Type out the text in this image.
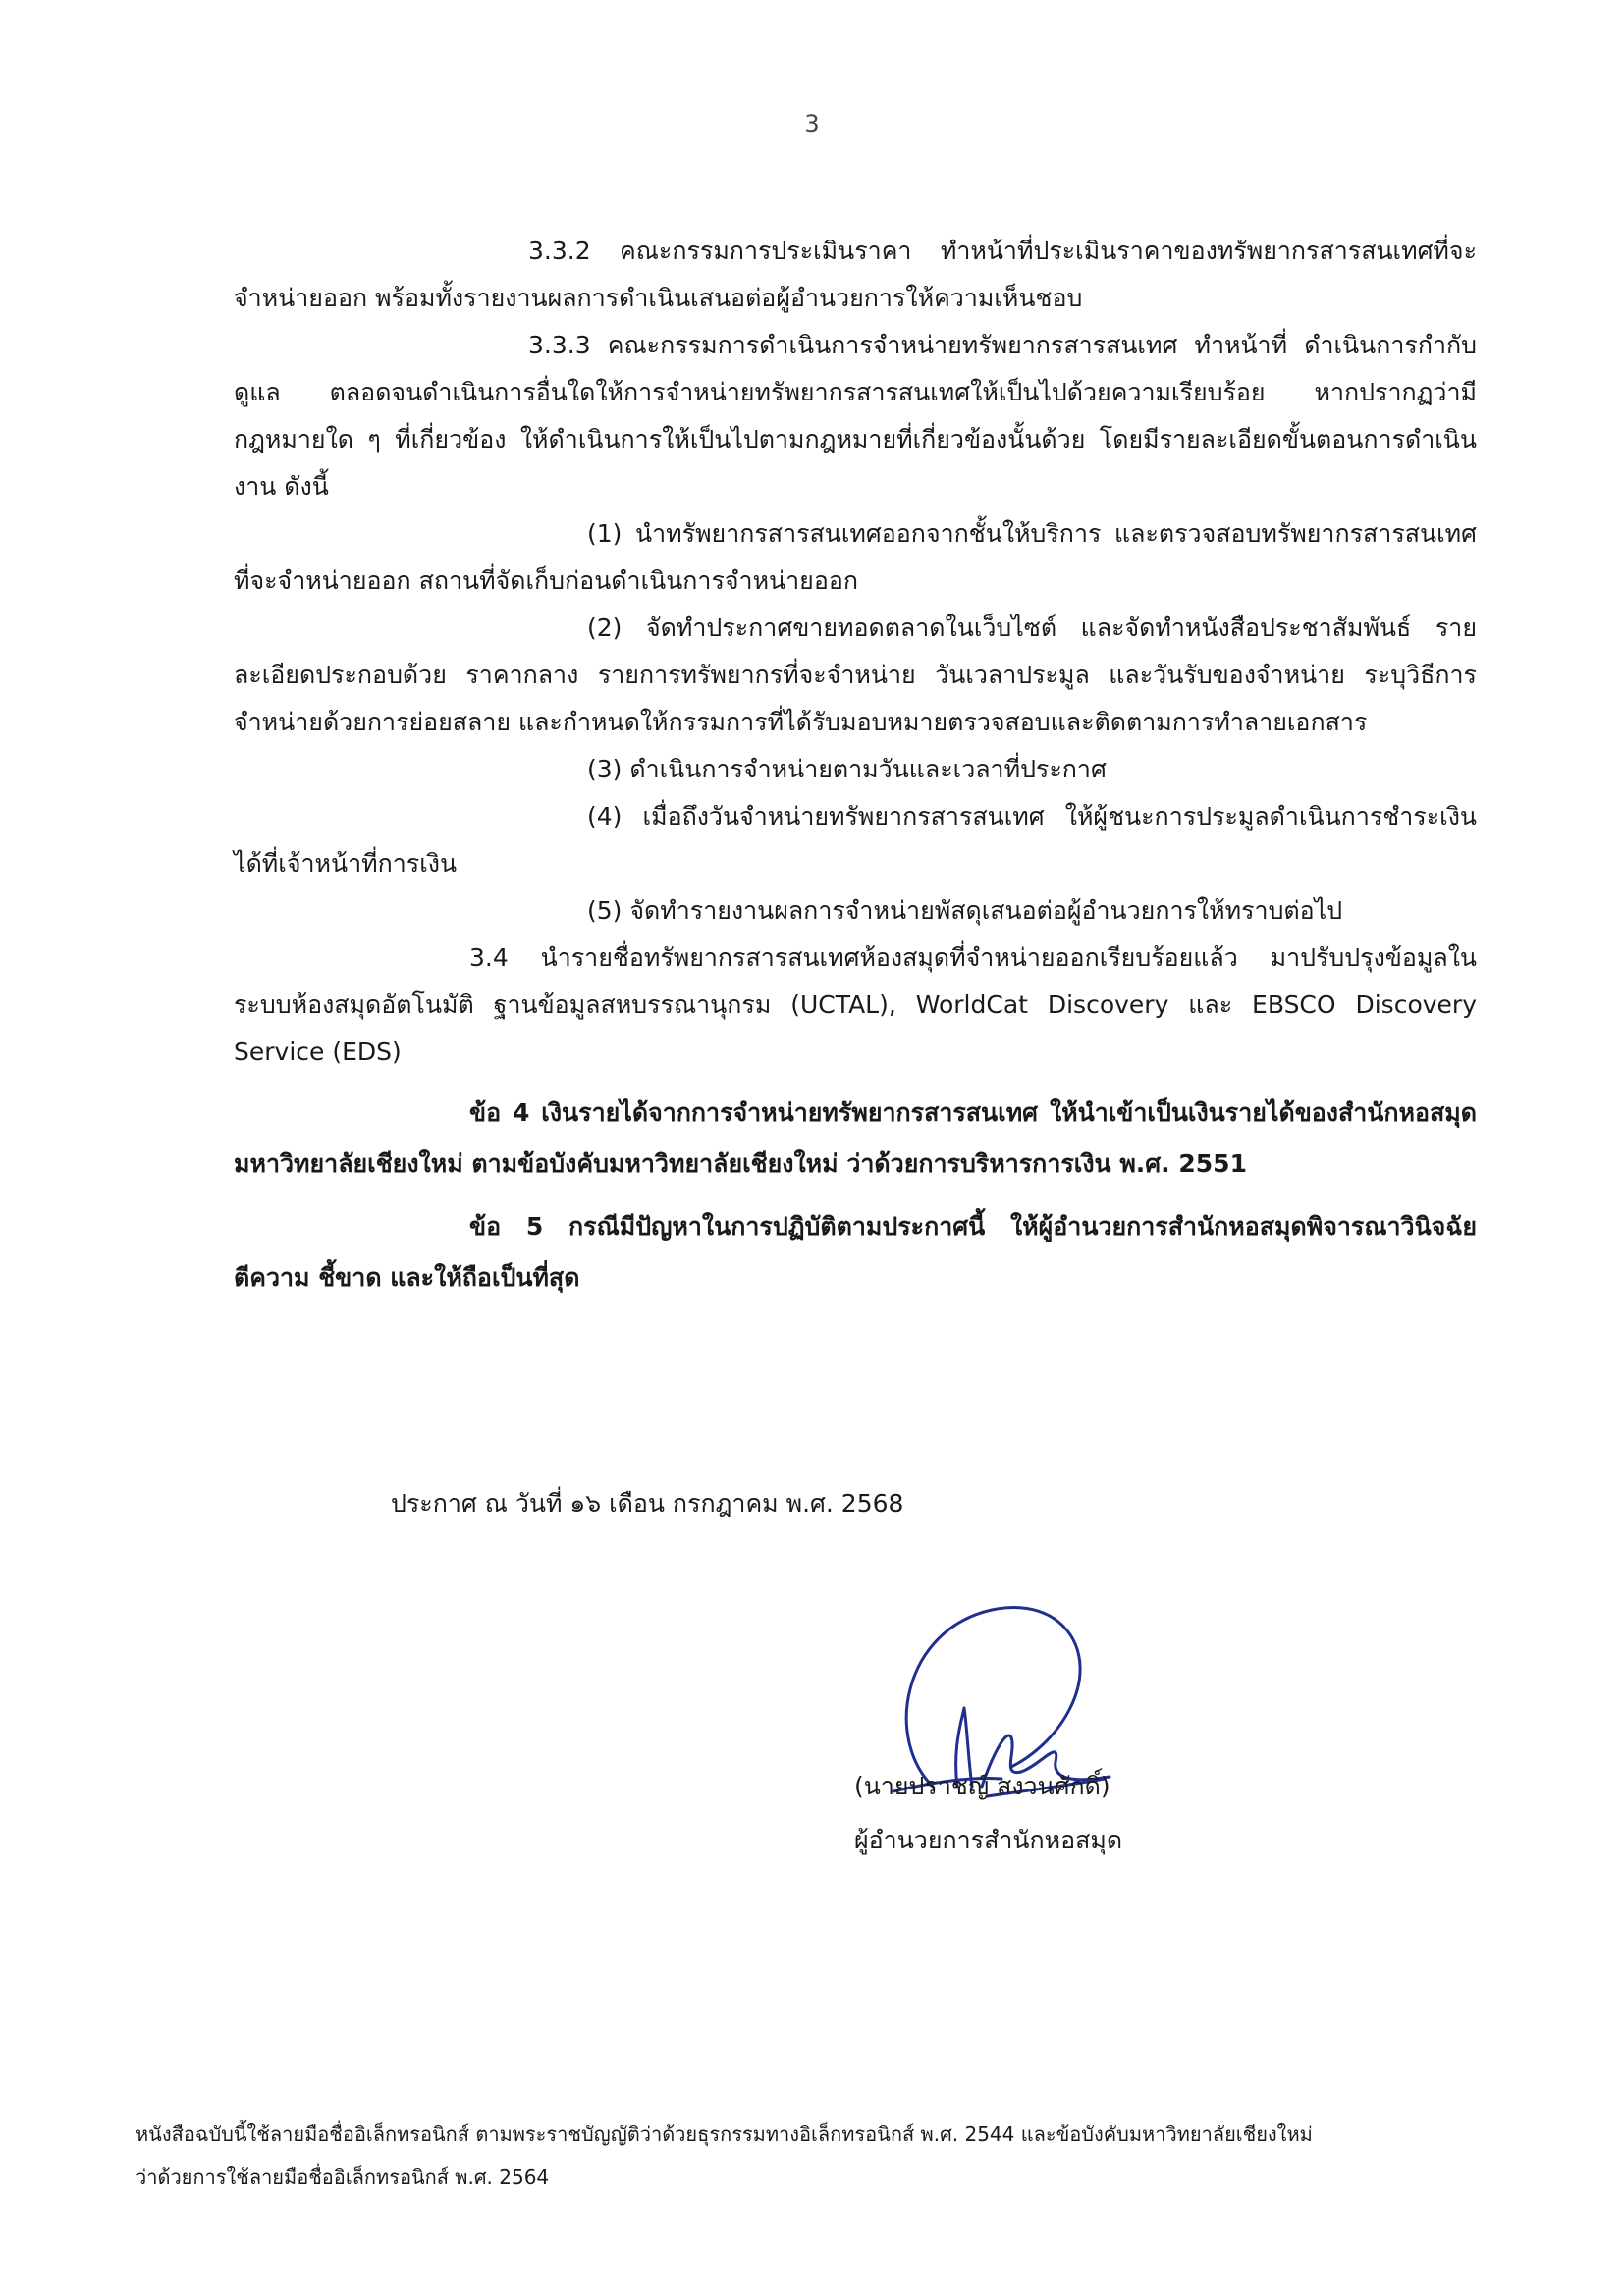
3

3.3.2 คณะกรรมการประเมินราคา ทำหน้าที่ประเมินราคาของทรัพยากรสารสนเทศที่จะจำหน่ายออก พร้อมทั้งรายงานผลการดำเนินเสนอต่อผู้อำนวยการให้ความเห็นชอบ

3.3.3 คณะกรรมการดำเนินการจำหน่ายทรัพยากรสารสนเทศ ทำหน้าที่ ดำเนินการกำกับดูแล ตลอดจนดำเนินการอื่นใดให้การจำหน่ายทรัพยากรสารสนเทศให้เป็นไปด้วยความเรียบร้อย หากปรากฏว่ามีกฎหมายใด ๆ ที่เกี่ยวข้อง ให้ดำเนินการให้เป็นไปตามกฎหมายที่เกี่ยวข้องนั้นด้วย โดยมีรายละเอียดขั้นตอนการดำเนินงาน ดังนี้

(1) นำทรัพยากรสารสนเทศออกจากชั้นให้บริการ และตรวจสอบทรัพยากรสารสนเทศที่จะจำหน่ายออก สถานที่จัดเก็บก่อนดำเนินการจำหน่ายออก

(2) จัดทำประกาศขายทอดตลาดในเว็บไซต์ และจัดทำหนังสือประชาสัมพันธ์ รายละเอียดประกอบด้วย ราคากลาง รายการทรัพยากรที่จะจำหน่าย วันเวลาประมูล และวันรับของจำหน่าย ระบุวิธีการจำหน่ายด้วยการย่อยสลาย และกำหนดให้กรรมการที่ได้รับมอบหมายตรวจสอบและติดตามการทำลายเอกสาร

(3) ดำเนินการจำหน่ายตามวันและเวลาที่ประกาศ

(4) เมื่อถึงวันจำหน่ายทรัพยากรสารสนเทศ ให้ผู้ชนะการประมูลดำเนินการชำระเงินได้ที่เจ้าหน้าที่การเงิน

(5) จัดทำรายงานผลการจำหน่ายพัสดุเสนอต่อผู้อำนวยการให้ทราบต่อไป

3.4 นำรายชื่อทรัพยากรสารสนเทศห้องสมุดที่จำหน่ายออกเรียบร้อยแล้ว มาปรับปรุงข้อมูลในระบบห้องสมุดอัตโนมัติ ฐานข้อมูลสหบรรณานุกรม (UCTAL), WorldCat Discovery และ EBSCO Discovery Service (EDS)

ข้อ 4 เงินรายได้จากการจำหน่ายทรัพยากรสารสนเทศ ให้นำเข้าเป็นเงินรายได้ของสำนักหอสมุด มหาวิทยาลัยเชียงใหม่ ตามข้อบังคับมหาวิทยาลัยเชียงใหม่ ว่าด้วยการบริหารการเงิน พ.ศ. 2551

ข้อ 5 กรณีมีปัญหาในการปฏิบัติตามประกาศนี้ ให้ผู้อำนวยการสำนักหอสมุดพิจารณาวินิจฉัย ตีความ ชี้ขาด และให้ถือเป็นที่สุด

ประกาศ ณ วันที่ ๑๖ เดือน กรกฎาคม พ.ศ. 2568
(นายปราชญ์ สงวนศักดิ์)
ผู้อำนวยการสำนักหอสมุด

หนังสือฉบับนี้ใช้ลายมือชื่ออิเล็กทรอนิกส์ ตามพระราชบัญญัติว่าด้วยธุรกรรมทางอิเล็กทรอนิกส์ พ.ศ. 2544 และข้อบังคับมหาวิทยาลัยเชียงใหม่

ว่าด้วยการใช้ลายมือชื่ออิเล็กทรอนิกส์ พ.ศ. 2564
